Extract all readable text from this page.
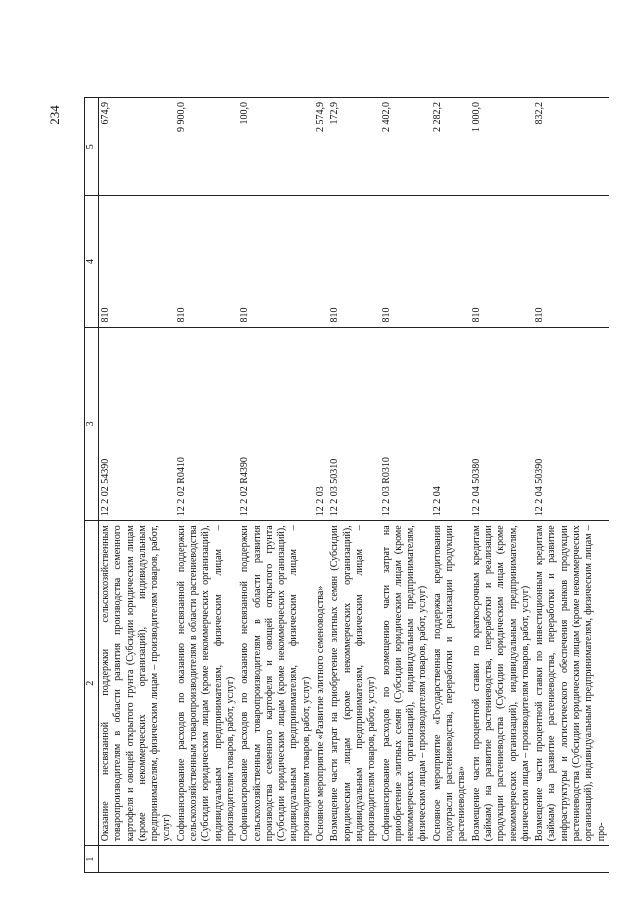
234
1	2	3	4	5
	Оказание несвязанной поддержки сельскохозяйственным товаропроизводителям в области развития производства семенного картофеля и овощей открытого грунта (Субсидии юридическим лицам (кроме некоммерческих организаций), индивидуальным предпринимателям, физическим лицам – производителям товаров, работ, услуг)	12 2 02 54390	810	674,9
	Софинансирование расходов по оказанию несвязанной поддержки сельскохозяйственным товаропроизводителям в области растениеводства (Субсидии юридическим лицам (кроме некоммерческих организаций), индивидуальным предпринимателям, физическим лицам – производителям товаров, работ, услуг)	12 2 02 R0410	810	9 900,0
	Софинансирование расходов по оказанию несвязанной поддержки сельскохозяйственным товаропроизводителям в области развития производства семенного картофеля и овощей открытого грунта (Субсидии юридическим лицам (кроме некоммерческих организаций), индивидуальным предпринимателям, физическим лицам – производителям товаров, работ, услуг)	12 2 02 R4390	810	100,0
	Основное мероприятие «Развитие элитного семеноводства»	12 2 03		2 574,9
	Возмещение части затрат на приобретение элитных семян (Субсидии юридическим лицам (кроме некоммерческих организаций), индивидуальным предпринимателям, физическим лицам – производителям товаров, работ, услуг)	12 2 03 50310	810	172,9
	Софинансирование расходов по возмещению части затрат на приобретение элитных семян (Субсидии юридическим лицам (кроме некоммерческих организаций), индивидуальным предпринимателям, физическим лицам – производителям товаров, работ, услуг)	12 2 03 R0310	810	2 402,0
	Основное мероприятие «Государственная поддержка кредитования подотрасли растениеводства, переработки и реализации продукции растениеводства»	12 2 04		2 282,2
	Возмещение части процентной ставки по краткосрочным кредитам (займам) на развитие растениеводства, переработки и реализации продукции растениеводства (Субсидии юридическим лицам (кроме некоммерческих организаций), индивидуальным предпринимателям, физическим лицам – производителям товаров, работ, услуг)	12 2 04 50380	810	1 000,0
	Возмещение части процентной ставки по инвестиционным кредитам (займам) на развитие растениеводства, переработки и развитие инфраструктуры и логистического обеспечения рынков продукции растениеводства (Субсидии юридическим лицам (кроме некоммерческих организаций), индивидуальным предпринимателям, физическим лицам – про-	12 2 04 50390	810	832,2
